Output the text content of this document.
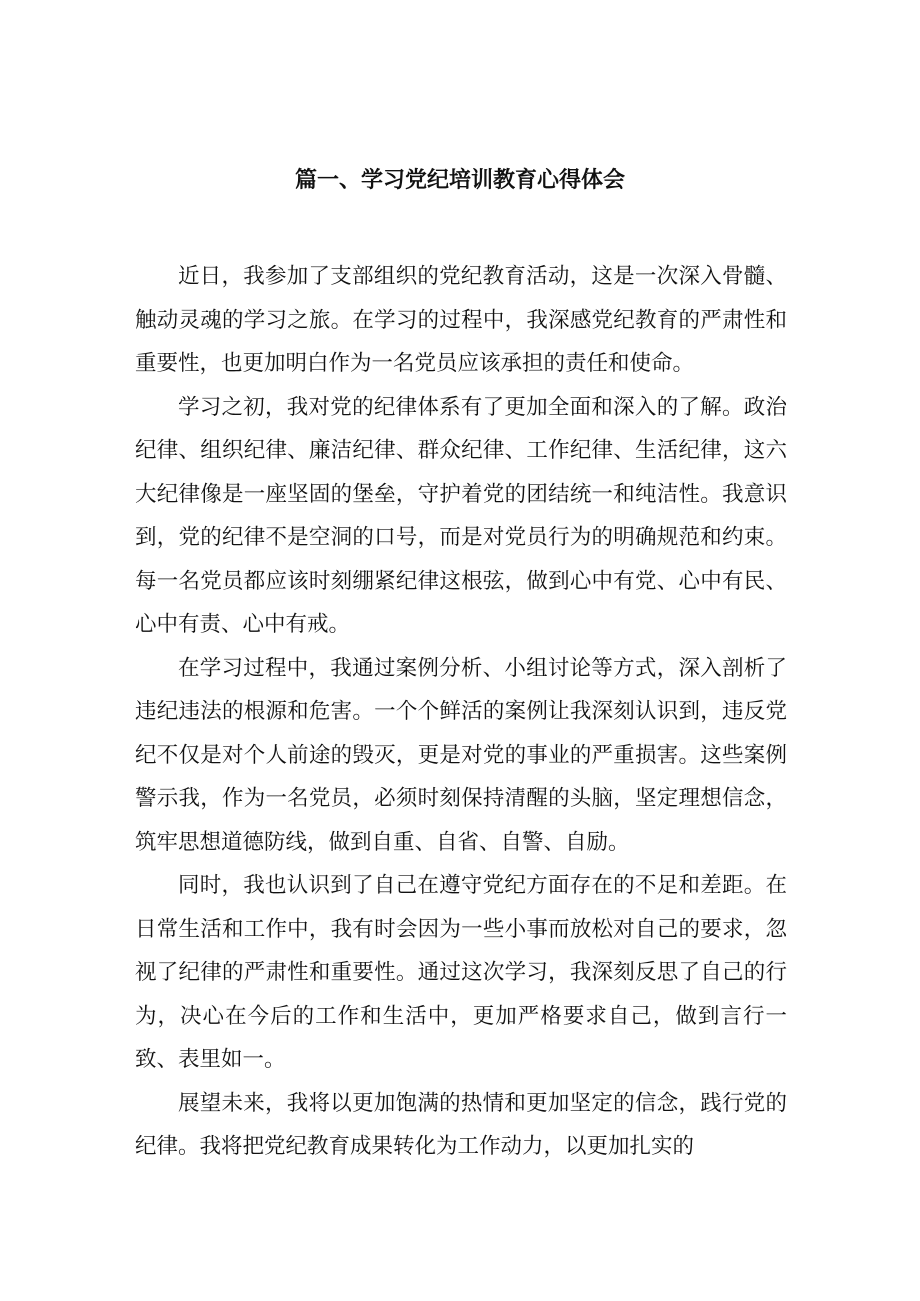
篇一、学习党纪培训教育心得体会

近日，我参加了支部组织的党纪教育活动，这是一次深入骨髓、触动灵魂的学习之旅。在学习的过程中，我深感党纪教育的严肃性和重要性，也更加明白作为一名党员应该承担的责任和使命。

学习之初，我对党的纪律体系有了更加全面和深入的了解。政治纪律、组织纪律、廉洁纪律、群众纪律、工作纪律、生活纪律，这六大纪律像是一座坚固的堡垒，守护着党的团结统一和纯洁性。我意识到，党的纪律不是空洞的口号，而是对党员行为的明确规范和约束。每一名党员都应该时刻绷紧纪律这根弦，做到心中有党、心中有民、心中有责、心中有戒。

在学习过程中，我通过案例分析、小组讨论等方式，深入剖析了违纪违法的根源和危害。一个个鲜活的案例让我深刻认识到，违反党纪不仅是对个人前途的毁灭，更是对党的事业的严重损害。这些案例警示我，作为一名党员，必须时刻保持清醒的头脑，坚定理想信念，筑牢思想道德防线，做到自重、自省、自警、自励。

同时，我也认识到了自己在遵守党纪方面存在的不足和差距。在日常生活和工作中，我有时会因为一些小事而放松对自己的要求，忽视了纪律的严肃性和重要性。通过这次学习，我深刻反思了自己的行为，决心在今后的工作和生活中，更加严格要求自己，做到言行一致、表里如一。

展望未来，我将以更加饱满的热情和更加坚定的信念，践行党的纪律。我将把党纪教育成果转化为工作动力，以更加扎实的
